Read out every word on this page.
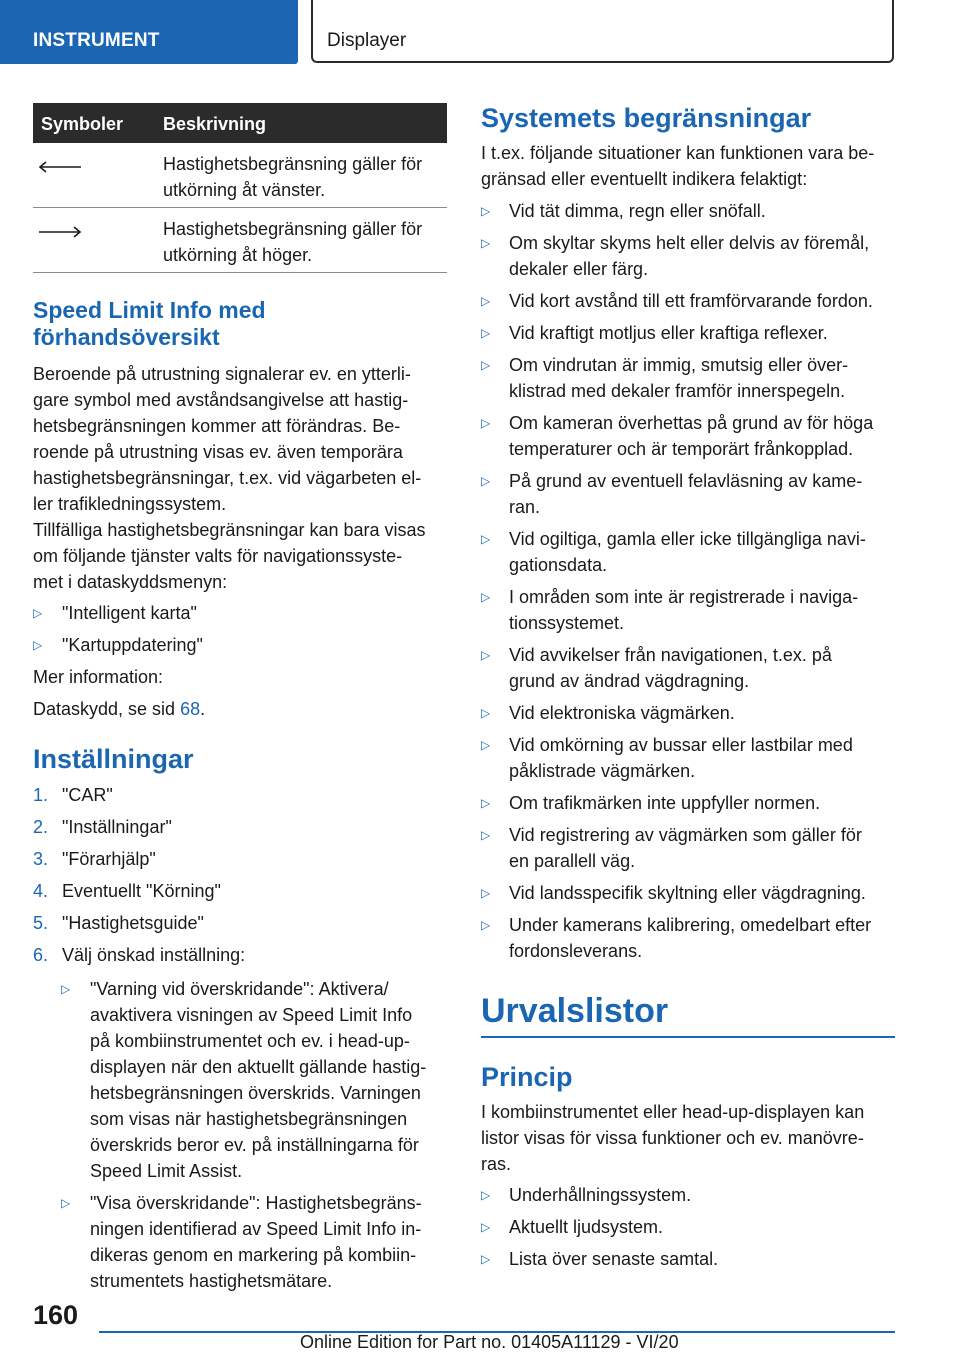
INSTRUMENT	Displayer
Symboler Beskrivning
Hastighetsbegränsning gäller för
utkörning åt vänster.
Hastighetsbegränsning gäller för
utkörning åt höger.
Speed Limit Info med
förhandsöversikt
Beroende på utrustning signalerar ev. en ytterli-
gare symbol med avståndsangivelse att hastig-
hetsbegränsningen kommer att förändras. Be-
roende på utrustning visas ev. även temporära
hastighetsbegränsningar, t.ex. vid vägarbeten el-
ler trafikledningssystem.
Tillfälliga hastighetsbegränsningar kan bara visas
om följande tjänster valts för navigationssyste-
met i dataskyddsmenyn:
▷ "Intelligent karta"
▷ "Kartuppdatering"
Mer information:
Dataskydd, se sid 68.
Inställningar
1. "CAR"
2. "Inställningar"
3. "Förarhjälp"
4. Eventuellt "Körning"
5. "Hastighetsguide"
6. Välj önskad inställning:
▷ "Varning vid överskridande": Aktivera/
avaktivera visningen av Speed Limit Info
på kombiinstrumentet och ev. i head-up-
displayen när den aktuellt gällande hastig-
hetsbegränsningen överskrids. Varningen
som visas när hastighetsbegränsningen
överskrids beror ev. på inställningarna för
Speed Limit Assist.
▷ "Visa överskridande": Hastighetsbegräns-
ningen identifierad av Speed Limit Info in-
dikeras genom en markering på kombiin-
strumentets hastighetsmätare.
Systemets begränsningar
I t.ex. följande situationer kan funktionen vara be-
gränsad eller eventuellt indikera felaktigt:
▷ Vid tät dimma, regn eller snöfall.
▷ Om skyltar skyms helt eller delvis av föremål,
dekaler eller färg.
▷ Vid kort avstånd till ett framförvarande fordon.
▷ Vid kraftigt motljus eller kraftiga reflexer.
▷ Om vindrutan är immig, smutsig eller över-
klistrad med dekaler framför innerspegeln.
▷ Om kameran överhettas på grund av för höga
temperaturer och är temporärt frånkopplad.
▷ På grund av eventuell felavläsning av kame-
ran.
▷ Vid ogiltiga, gamla eller icke tillgängliga navi-
gationsdata.
▷ I områden som inte är registrerade i naviga-
tionssystemet.
▷ Vid avvikelser från navigationen, t.ex. på
grund av ändrad vägdragning.
▷ Vid elektroniska vägmärken.
▷ Vid omkörning av bussar eller lastbilar med
påklistrade vägmärken.
▷ Om trafikmärken inte uppfyller normen.
▷ Vid registrering av vägmärken som gäller för
en parallell väg.
▷ Vid landsspecifik skyltning eller vägdragning.
▷ Under kamerans kalibrering, omedelbart efter
fordonsleverans.
Urvalslistor
Princip
I kombiinstrumentet eller head-up-displayen kan
listor visas för vissa funktioner och ev. manövre-
ras.
▷ Underhållningssystem.
▷ Aktuellt ljudsystem.
▷ Lista över senaste samtal.
160
Online Edition for Part no. 01405A11129 - VI/20
